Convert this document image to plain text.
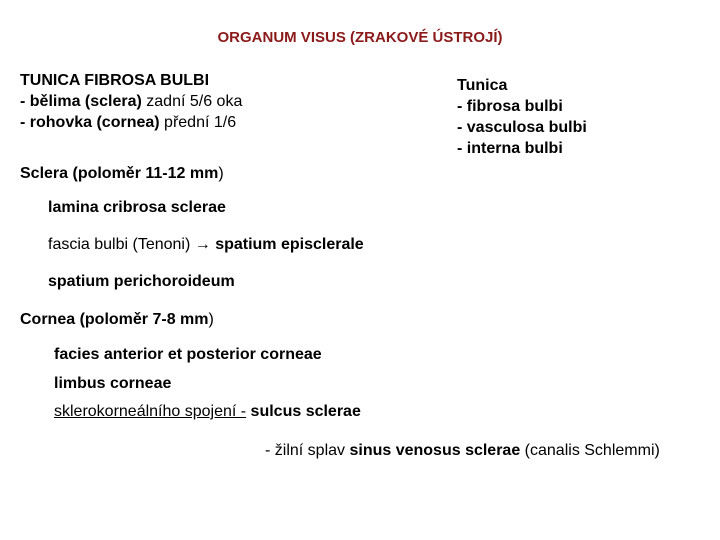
ORGANUM VISUS (ZRAKOVÉ ÚSTROJÍ)
TUNICA FIBROSA BULBI
- bělima (sclera) zadní 5/6 oka
- rohovka (cornea) přední 1/6
Tunica
- fibrosa bulbi
- vasculosa bulbi
- interna bulbi
Sclera (poloměr 11-12 mm)
lamina cribrosa sclerae
fascia bulbi (Tenoni) → spatium episclerale
spatium perichoroideum
Cornea (poloměr 7-8 mm)
facies anterior et posterior corneae
limbus corneae
sklerokorneálního spojení - sulcus sclerae
- žilní splav sinus venosus sclerae (canalis Schlemmi)
